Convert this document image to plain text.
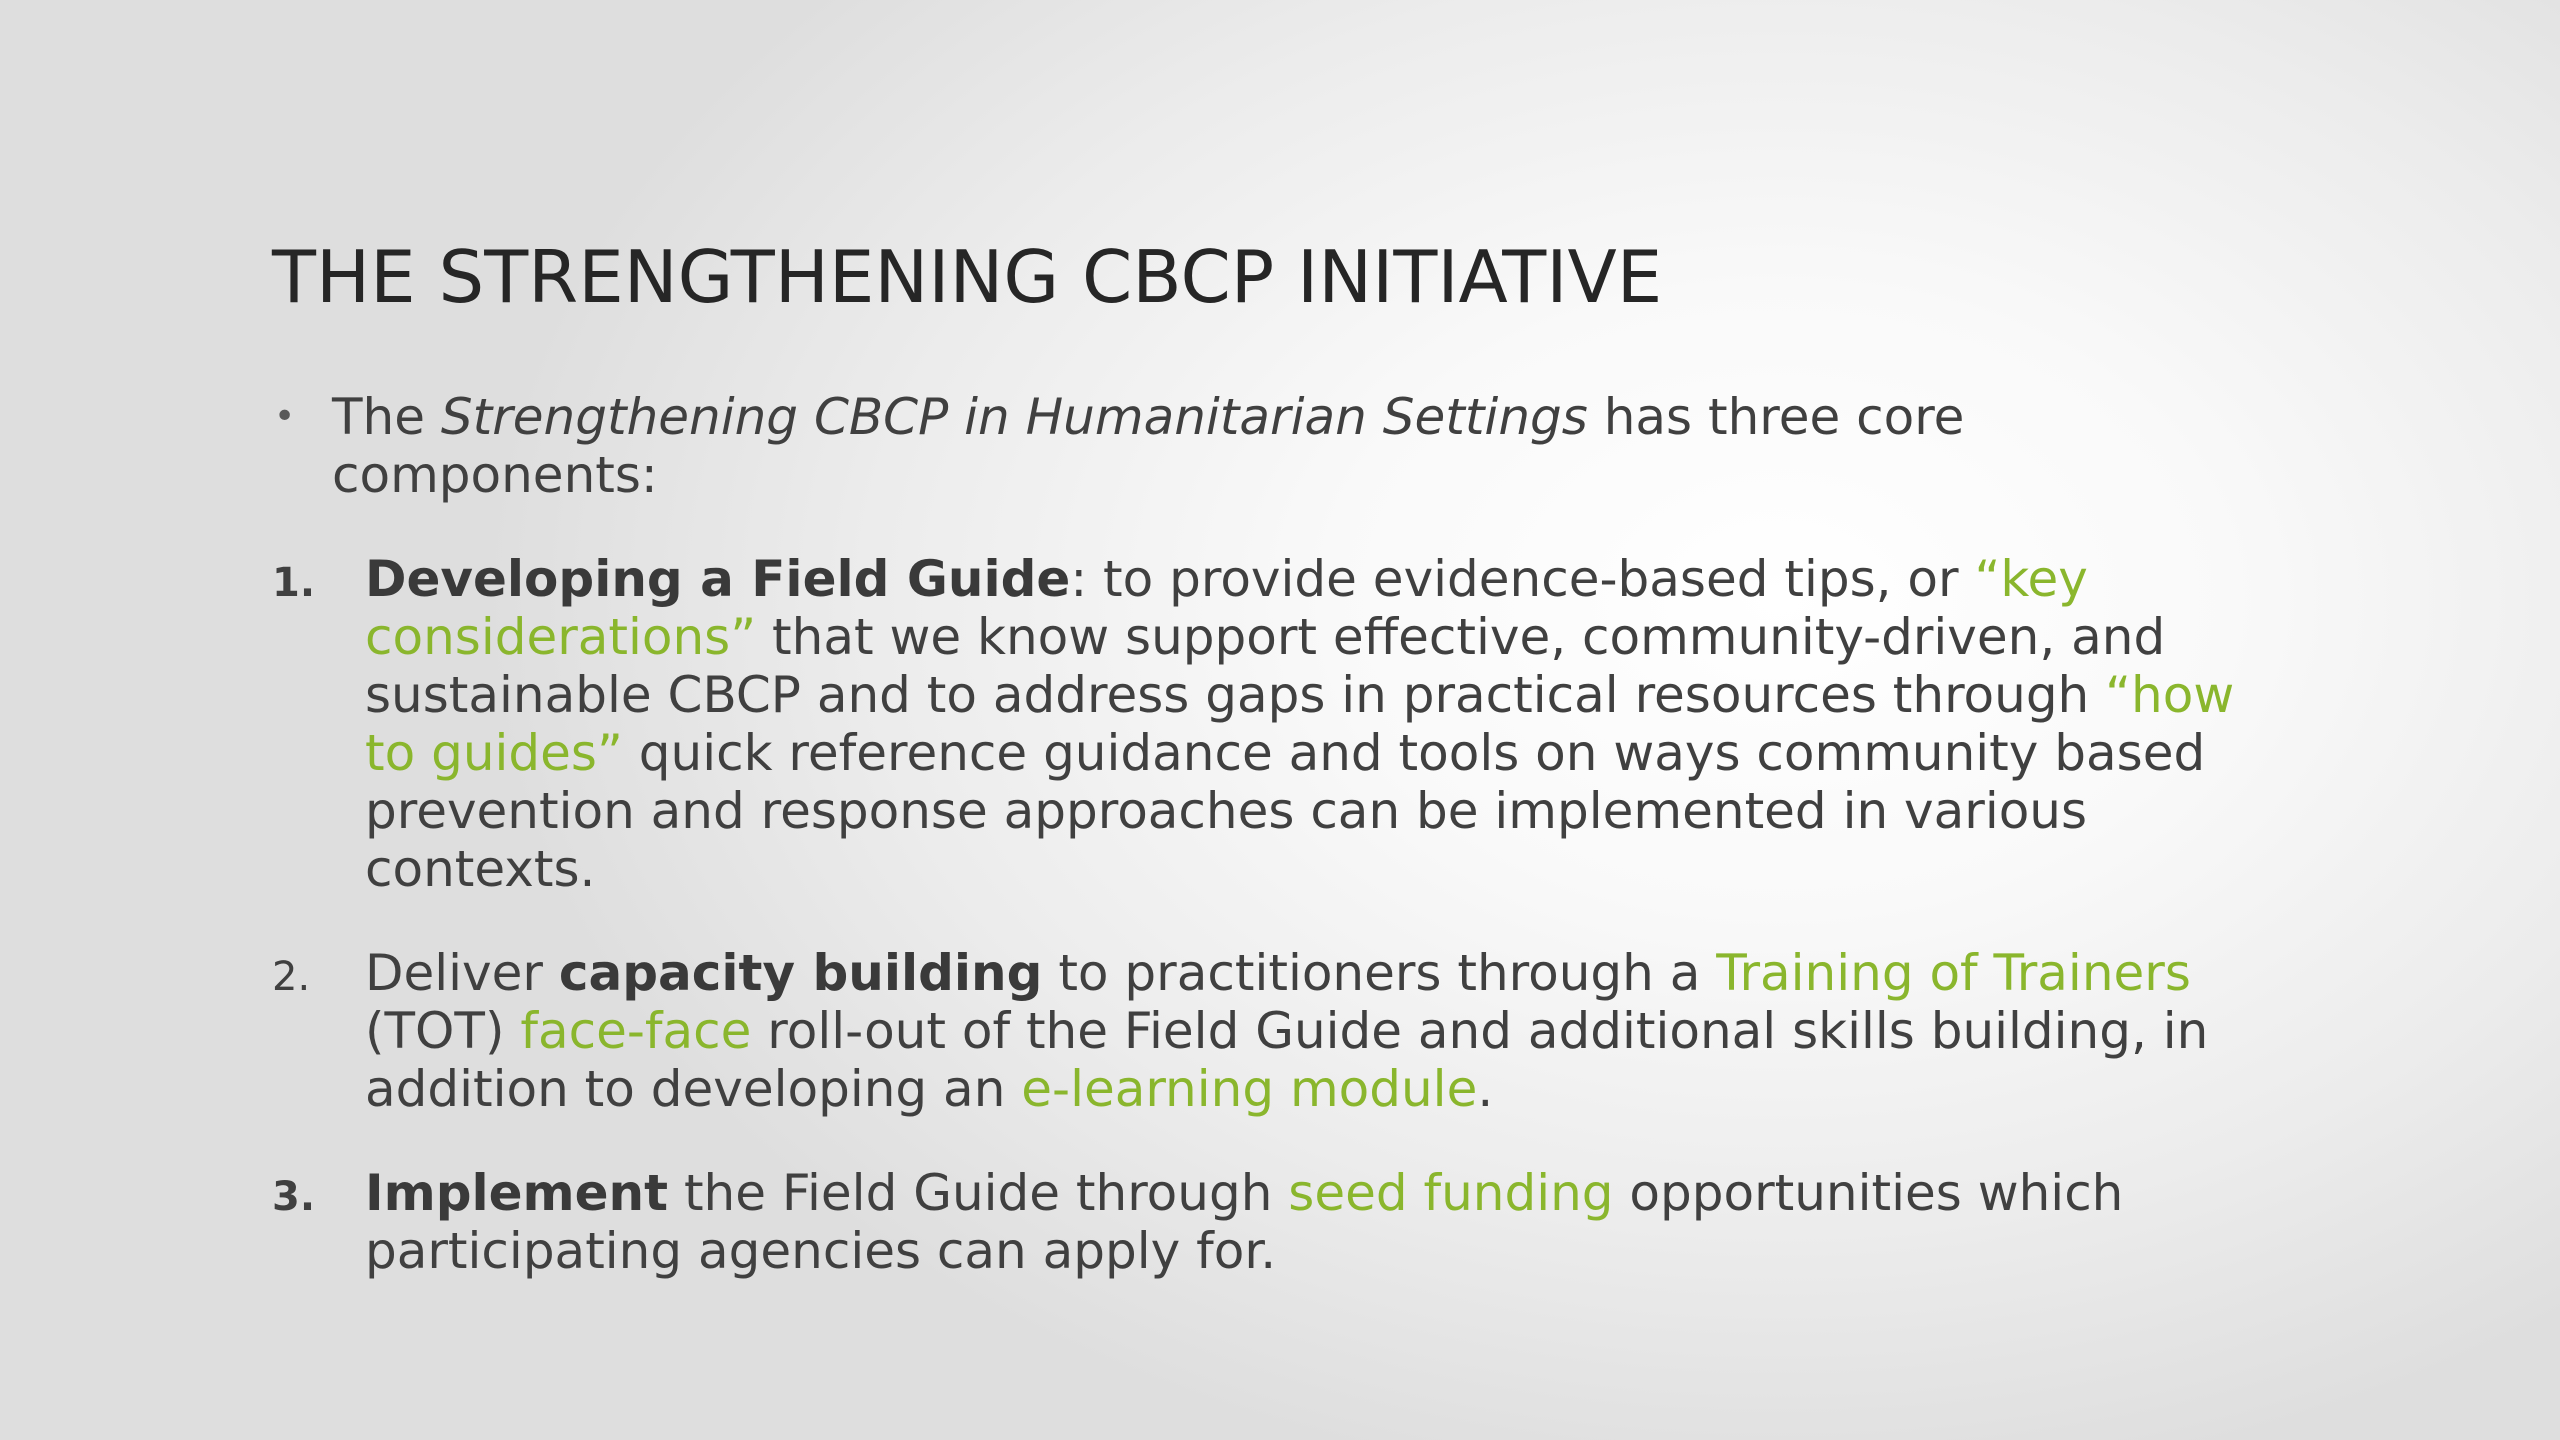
THE STRENGTHENING CBCP INITIATIVE
• The Strengthening CBCP in Humanitarian Settings has three core components:
1. Developing a Field Guide: to provide evidence-based tips, or “key considerations” that we know support effective, community-driven, and sustainable CBCP and to address gaps in practical resources through “how to guides” quick reference guidance and tools on ways community based prevention and response approaches can be implemented in various contexts.
2. Deliver capacity building to practitioners through a Training of Trainers (TOT) face-face roll-out of the Field Guide and additional skills building, in addition to developing an e-learning module.
3. Implement the Field Guide through seed funding opportunities which participating agencies can apply for.
